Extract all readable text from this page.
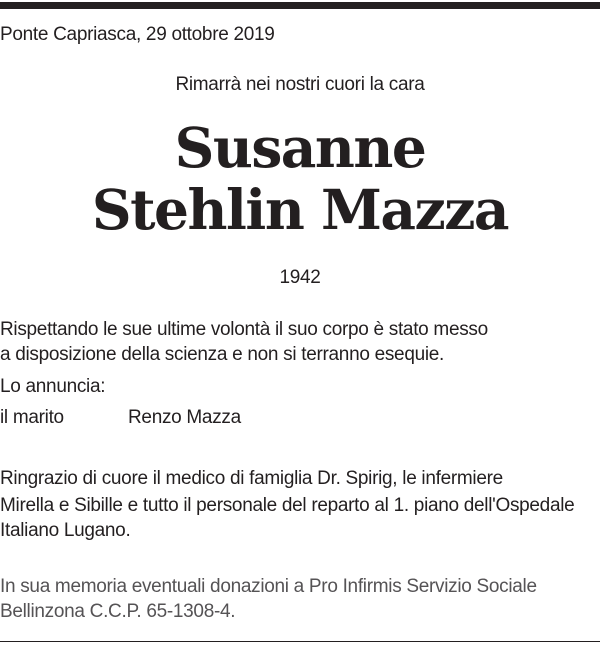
Ponte Capriasca, 29 ottobre 2019

Rimarrà nei nostri cuori la cara

Susanne
Stehlin Mazza

1942

Rispettando le sue ultime volontà il suo corpo è stato messo

a disposizione della scienza e non si terranno esequie.

Lo annuncia:

il marito	Renzo Mazza

Ringrazio di cuore il medico di famiglia Dr. Spirig, le infermiere

Mirella e Sibille e tutto il personale del reparto al 1. piano dell'Ospedale

Italiano Lugano.

In sua memoria eventuali donazioni a Pro Infirmis Servizio Sociale

Bellinzona C.C.P. 65-1308-4.
